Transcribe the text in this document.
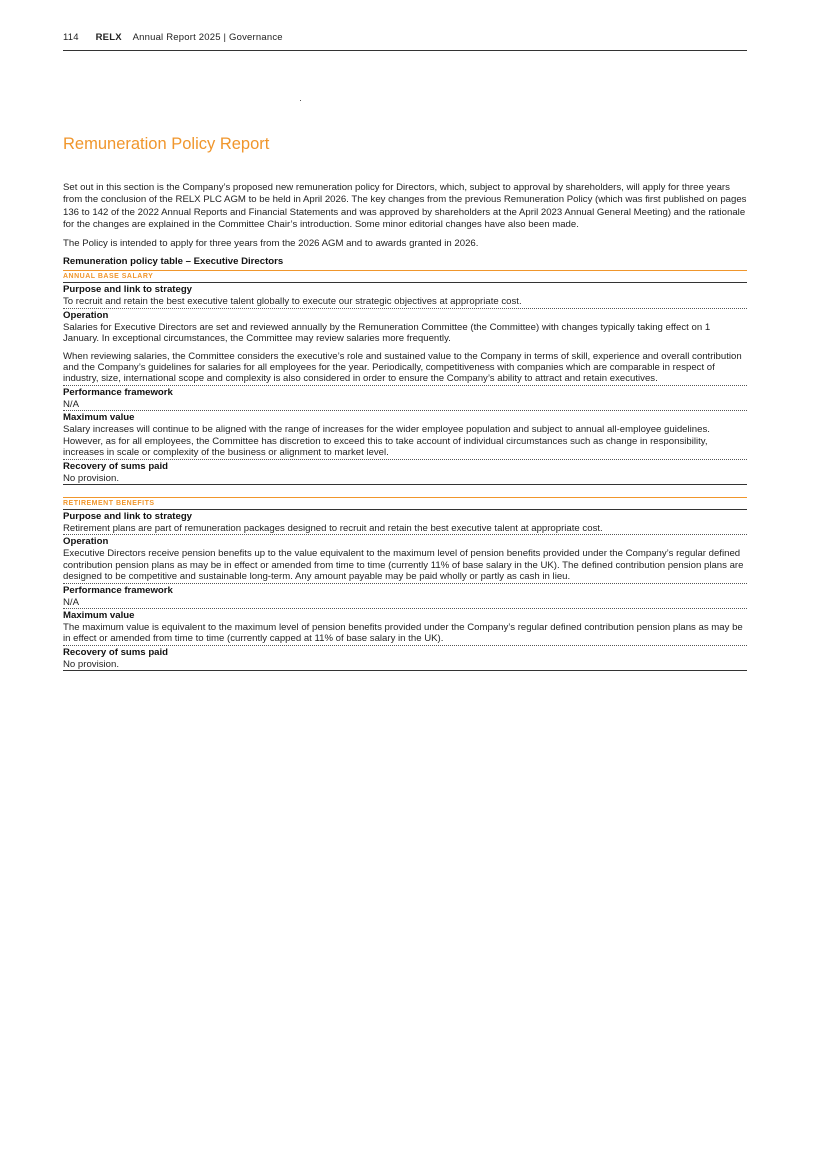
114 RELX Annual Report 2025 | Governance
Remuneration Policy Report

Set out in this section is the Company’s proposed new remuneration policy for Directors, which, subject to approval by shareholders, will apply for three years from the conclusion of the RELX PLC AGM to be held in April 2026. The key changes from the previous Remuneration Policy (which was first published on pages 136 to 142 of the 2022 Annual Reports and Financial Statements and was approved by shareholders at the April 2023 Annual General Meeting) and the rationale for the changes are explained in the Committee Chair’s introduction. Some minor editorial changes have also been made.

The Policy is intended to apply for three years from the 2026 AGM and to awards granted in 2026.

Remuneration policy table – Executive Directors
ANNUAL BASE SALARY
Purpose and link to strategy
To recruit and retain the best executive talent globally to execute our strategic objectives at appropriate cost.
Operation
Salaries for Executive Directors are set and reviewed annually by the Remuneration Committee (the Committee) with changes typically taking effect on 1 January. In exceptional circumstances, the Committee may review salaries more frequently.
When reviewing salaries, the Committee considers the executive’s role and sustained value to the Company in terms of skill, experience and overall contribution and the Company’s guidelines for salaries for all employees for the year. Periodically, competitiveness with companies which are comparable in respect of industry, size, international scope and complexity is also considered in order to ensure the Company’s ability to attract and retain executives.
Performance framework
N/A
Maximum value
Salary increases will continue to be aligned with the range of increases for the wider employee population and subject to annual all-employee guidelines. However, as for all employees, the Committee has discretion to exceed this to take account of individual circumstances such as change in responsibility, increases in scale or complexity of the business or alignment to market level.
Recovery of sums paid
No provision.
RETIREMENT BENEFITS
Purpose and link to strategy
Retirement plans are part of remuneration packages designed to recruit and retain the best executive talent at appropriate cost.
Operation
Executive Directors receive pension benefits up to the value equivalent to the maximum level of pension benefits provided under the Company’s regular defined contribution pension plans as may be in effect or amended from time to time (currently 11% of base salary in the UK). The defined contribution pension plans are designed to be competitive and sustainable long-term. Any amount payable may be paid wholly or partly as cash in lieu.
Performance framework
N/A
Maximum value
The maximum value is equivalent to the maximum level of pension benefits provided under the Company’s regular defined contribution pension plans as may be in effect or amended from time to time (currently capped at 11% of base salary in the UK).
Recovery of sums paid
No provision.
